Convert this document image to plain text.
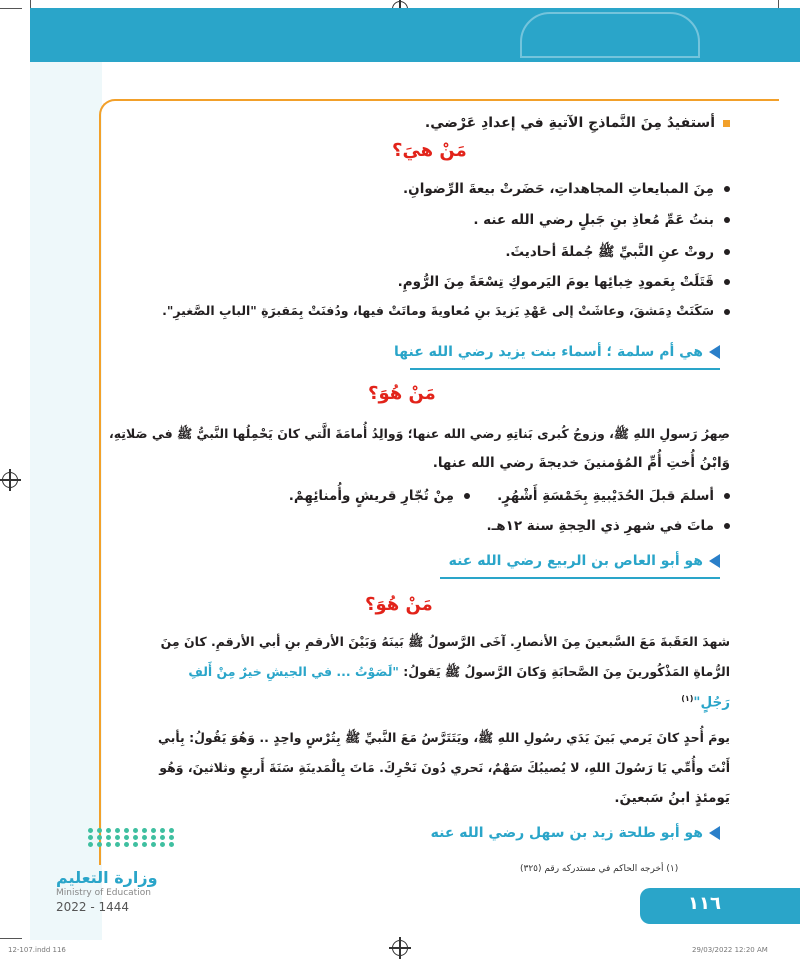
أستفيدُ مِنَ النَّماذجِ الآتيةِ في إعدادِ عَرْضي.
مَنْ هيَ؟
مِنَ المبايعاتِ المجاهداتِ، حَضَرتْ بيعةَ الرِّضوانِ.
بنتُ عَمِّ مُعاذِ بنِ جَبلٍ رضي الله عنه .
روتْ عنِ النَّبيِّ ﷺ جُملةَ أحاديثَ.
قَتَلَتْ بِعَمودِ خِبائِها يومَ اليَرموكِ تِسْعَةً مِنَ الرُّومِ.
سَكَنَتْ دِمَشقَ، وعاشَتْ إلى عَهْدِ يَزيدَ بنِ مُعاويةَ وماتَتْ فيها، ودُفنَتْ بِمَقبرَةِ "البابِ الصَّغيرِ".
هي أم سلمة ؛ أسماء بنت يزيد رضي الله عنها
مَنْ هُوَ؟
صِهرُ رَسولِ اللهِ ﷺ، وزوجُ كُبرى بَناتِهِ رضي الله عنها؛ وَوالِدُ أُمامَةَ الَّتي كانَ يَحْمِلُها النَّبيُّ ﷺ في صَلاتِهِ،
وَابْنُ أُختِ أُمِّ المُؤمنينَ خديجةَ رضي الله عنها.
أسلمَ قبلَ الحُدَيْبيةِ بِخَمْسَةِ أَشْهُرٍ.
مِنْ تُجّارِ قريشٍ وأُمنائِهِمْ.
ماتَ في شهرِ ذي الحِجةِ سنة ١٢هـ.
هو أبو العاص بن الربيع رضي الله عنه
مَنْ هُوَ؟
شهدَ العَقَبةَ مَعَ السَّبعينَ مِنَ الأنصارِ. آخَى الرَّسولُ ﷺ بَينَهُ وَبَيْنَ الأرقمِ بنِ أبي الأرقمِ. كانَ مِنَ
الرُّماةِ المَذْكُورينَ مِنَ الصَّحابَةِ وَكانَ الرَّسولُ ﷺ يَقولُ: "لَصَوْتُ ... في الجيشِ خيرٌ مِنْ أَلفِ
رَجُلٍ"$^{(١)}$
يومَ أُحدٍ كانَ يَرمي بَينَ يَدَي رسُولِ اللهِ ﷺ، ويَتَتَرَّسُ مَعَ النَّبيِّ ﷺ بِتُرْسٍ واحِدٍ .. وَهُوَ يَقُولُ: بِأبي
أَنْتَ وأُمِّي يَا رَسُولَ اللهِ، لا يُصيبُكَ سَهْمٌ، نَحري دُونَ نَحْرِكَ. مَاتَ بِالْمَدينَةِ سَنَةَ أَربعٍ وثلاثينَ، وَهُو
يَومئذٍ ابنُ سَبعينَ.
هو أبو طلحة زيد بن سهل رضي الله عنه
وزارة التعليم
Ministry of Education
2022 - 1444
(١) أخرجه الحاكم في مستدركه رقم (٣٢٥)
١١٦
12-107.indd 116	29/03/2022 12:20 AM
